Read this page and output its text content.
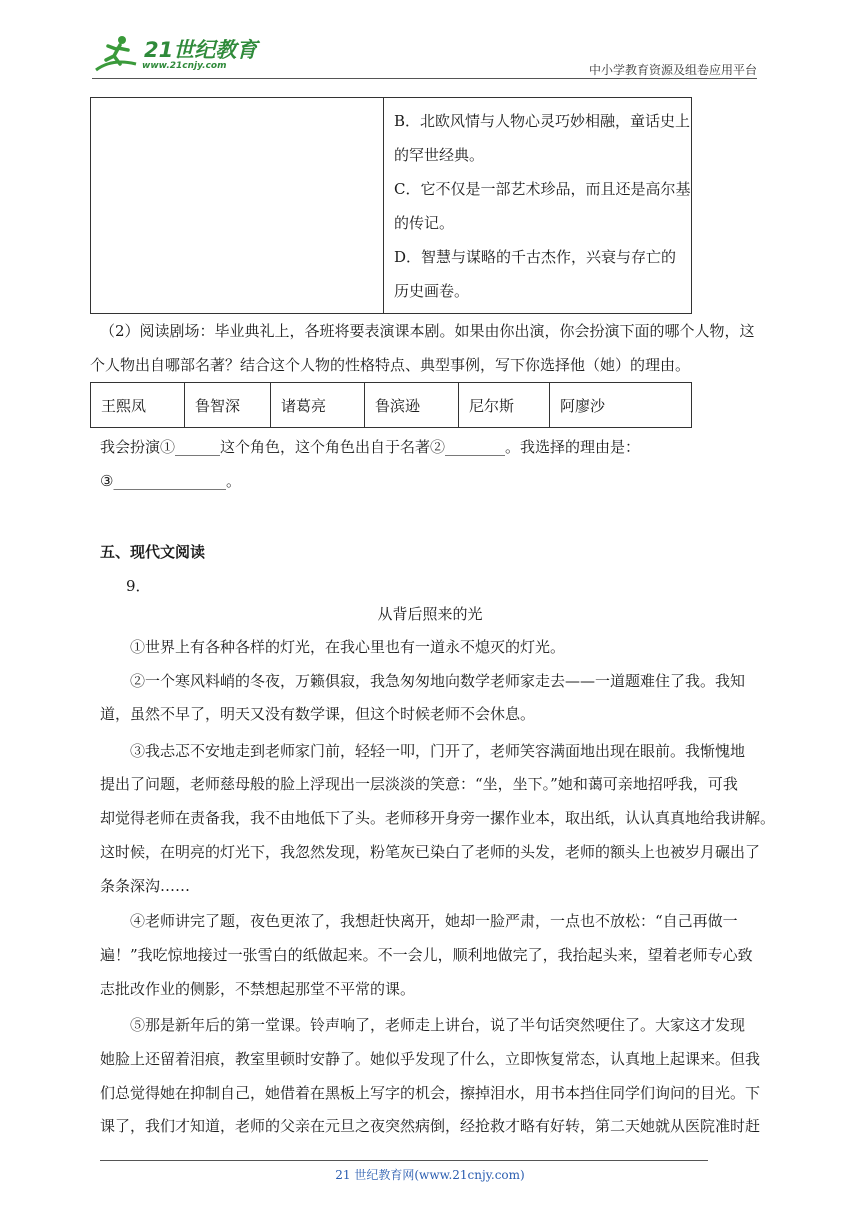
21世纪教育
www.21cnjy.com	中小学教育资源及组卷应用平台

B．北欧风情与人物心灵巧妙相融，童话史上
的罕世经典。
C．它不仅是一部艺术珍品，而且还是高尔基
的传记。
D．智慧与谋略的千古杰作，兴衰与存亡的
历史画卷。
（2）阅读剧场：毕业典礼上，各班将要表演课本剧。如果由你出演，你会扮演下面的哪个人物，这
个人物出自哪部名著？结合这个人物的性格特点、典型事例，写下你选择他（她）的理由。
王熙凤	鲁智深	诸葛亮	鲁滨逊	尼尔斯	阿廖沙
我会扮演①______这个角色，这个角色出自于名著②________。我选择的理由是：
③_______________。
五、现代文阅读
9．
从背后照来的光
①世界上有各种各样的灯光，在我心里也有一道永不熄灭的灯光。
②一个寒风料峭的冬夜，万籁俱寂，我急匆匆地向数学老师家走去——一道题难住了我。我知
道，虽然不早了，明天又没有数学课，但这个时候老师不会休息。
③我忐忑不安地走到老师家门前，轻轻一叩，门开了，老师笑容满面地出现在眼前。我惭愧地
提出了问题，老师慈母般的脸上浮现出一层淡淡的笑意：“坐，坐下。”她和蔼可亲地招呼我，可我
却觉得老师在责备我，我不由地低下了头。老师移开身旁一摞作业本，取出纸，认认真真地给我讲解。
这时候，在明亮的灯光下，我忽然发现，粉笔灰已染白了老师的头发，老师的额头上也被岁月碾出了
条条深沟……
④老师讲完了题，夜色更浓了，我想赶快离开，她却一脸严肃，一点也不放松：“自己再做一
遍！”我吃惊地接过一张雪白的纸做起来。不一会儿，顺利地做完了，我抬起头来，望着老师专心致
志批改作业的侧影，不禁想起那堂不平常的课。
⑤那是新年后的第一堂课。铃声响了，老师走上讲台，说了半句话突然哽住了。大家这才发现
她脸上还留着泪痕，教室里顿时安静了。她似乎发现了什么，立即恢复常态，认真地上起课来。但我
们总觉得她在抑制自己，她借着在黑板上写字的机会，擦掉泪水，用书本挡住同学们询问的目光。下
课了，我们才知道，老师的父亲在元旦之夜突然病倒，经抢救才略有好转，第二天她就从医院准时赶
21 世纪教育网(www.21cnjy.com)
